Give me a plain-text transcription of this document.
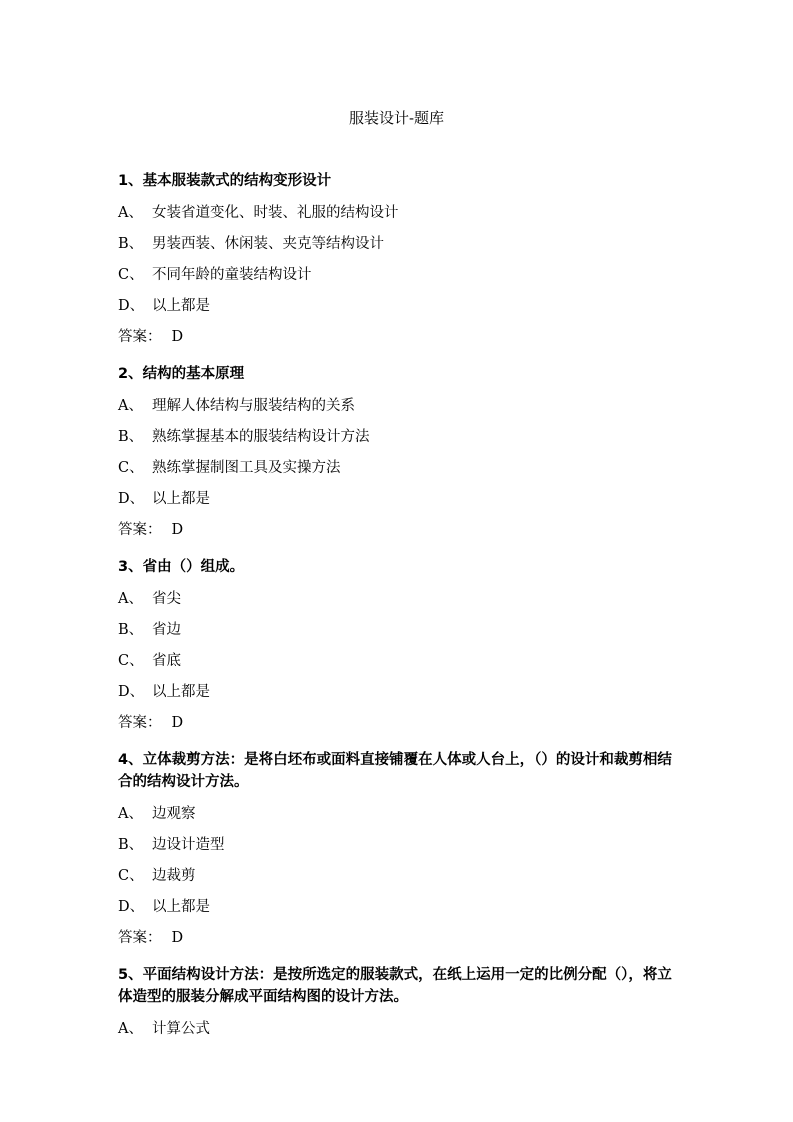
服装设计-题库
1、基本服装款式的结构变形设计
A、 女装省道变化、时装、礼服的结构设计
B、 男装西装、休闲装、夹克等结构设计
C、 不同年龄的童装结构设计
D、 以上都是
答案： D
2、结构的基本原理
A、 理解人体结构与服装结构的关系
B、 熟练掌握基本的服装结构设计方法
C、 熟练掌握制图工具及实操方法
D、 以上都是
答案： D
3、省由（）组成。
A、 省尖
B、 省边
C、 省底
D、 以上都是
答案： D
4、立体裁剪方法：是将白坯布或面料直接铺覆在人体或人台上，（）的设计和裁剪相结合的结构设计方法。
A、 边观察
B、 边设计造型
C、 边裁剪
D、 以上都是
答案： D
5、平面结构设计方法：是按所选定的服装款式，在纸上运用一定的比例分配（），将立体造型的服装分解成平面结构图的设计方法。
A、 计算公式
